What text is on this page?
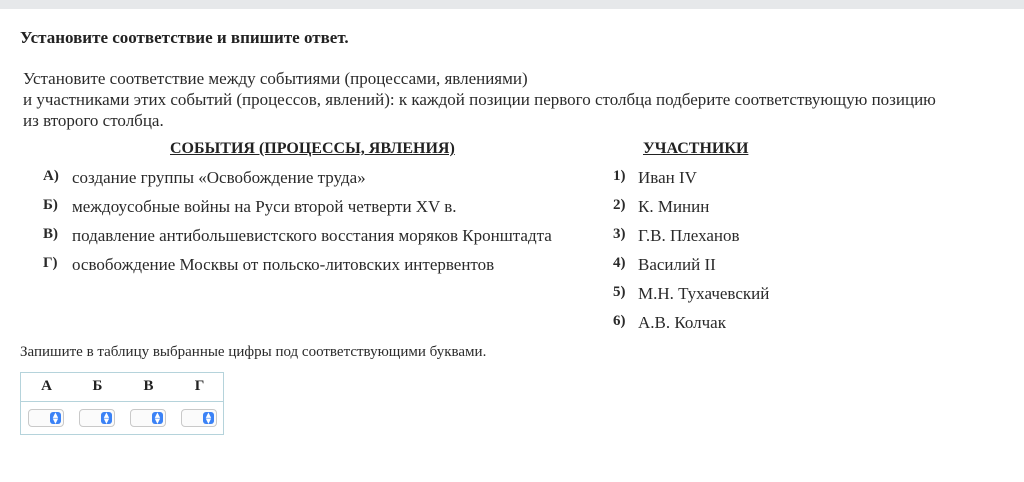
Установите соответствие и впишите ответ.
Установите соответствие между событиями (процессами, явлениями)
и участниками этих событий (процессов, явлений): к каждой позиции первого столбца подберите соответствующую позицию
из второго столбца.
СОБЫТИЯ (ПРОЦЕССЫ, ЯВЛЕНИЯ)	УЧАСТНИКИ
А) создание группы «Освобождение труда»
Б) междоусобные войны на Руси второй четверти XV в.
В) подавление антибольшевистского восстания моряков Кронштадта
Г) освобождение Москвы от польско-литовских интервентов
1) Иван IV
2) К. Минин
3) Г.В. Плеханов
4) Василий II
5) М.Н. Тухачевский
6) А.В. Колчак
Запишите в таблицу выбранные цифры под соответствующими буквами.
А	Б	В	Г
▲
▼
▲
▼
▲
▼
▲
▼
